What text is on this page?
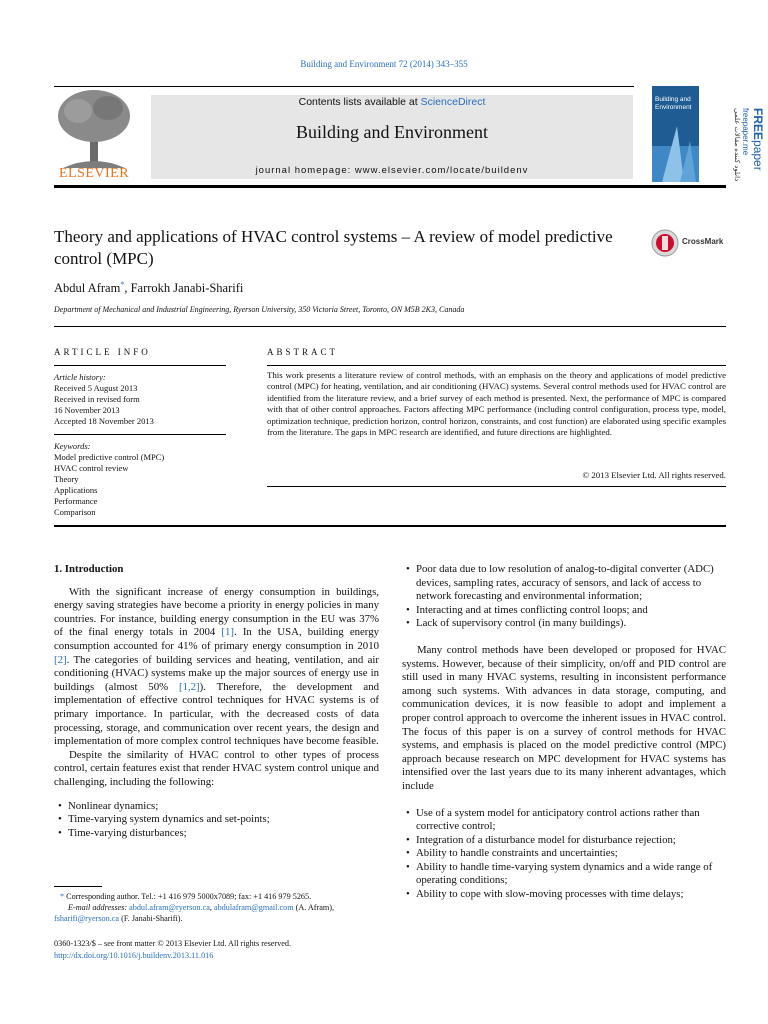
Building and Environment 72 (2014) 343–355
ELSEVIER
Contents lists available at ScienceDirect
Building and Environment
journal homepage: www.elsevier.com/locate/buildenv
Building and
Environment
FREEpaper
freepaper.me
دانلود کننده مقالات علمی
Theory and applications of HVAC control systems – A review of model predictive control (MPC)
CrossMark
Abdul Afram*, Farrokh Janabi-Sharifi
Department of Mechanical and Industrial Engineering, Ryerson University, 350 Victoria Street, Toronto, ON M5B 2K3, Canada
ARTICLE INFO	ABSTRACT
Article history:
Received 5 August 2013
Received in revised form
16 November 2013
Accepted 18 November 2013
Keywords:
Model predictive control (MPC)
HVAC control review
Theory
Applications
Performance
Comparison
This work presents a literature review of control methods, with an emphasis on the theory and applications of model predictive control (MPC) for heating, ventilation, and air conditioning (HVAC) systems. Several control methods used for HVAC control are identified from the literature review, and a brief survey of each method is presented. Next, the performance of MPC is compared with that of other control approaches. Factors affecting MPC performance (including control configuration, process type, model, optimization technique, prediction horizon, control horizon, constraints, and cost function) are elaborated using specific examples from the literature. The gaps in MPC research are identified, and future directions are highlighted.
© 2013 Elsevier Ltd. All rights reserved.

1. Introduction

With the significant increase of energy consumption in buildings, energy saving strategies have become a priority in energy policies in many countries. For instance, building energy consumption in the EU was 37% of the final energy totals in 2004 [1]. In the USA, building energy consumption accounted for 41% of primary energy consumption in 2010 [2]. The categories of building services and heating, ventilation, and air conditioning (HVAC) systems make up the major sources of energy use in buildings (almost 50% [1,2]). Therefore, the development and implementation of effective control techniques for HVAC systems is of primary importance. In particular, with the decreased costs of data processing, storage, and communication over recent years, the design and implementation of more complex control techniques have become feasible.

Despite the similarity of HVAC control to other types of process control, certain features exist that render HVAC system control unique and challenging, including the following:

• Nonlinear dynamics;
• Time-varying system dynamics and set-points;
• Time-varying disturbances;
* Corresponding author. Tel.: +1 416 979 5000x7089; fax: +1 416 979 5265.
E-mail addresses: abdul.afram@ryerson.ca, abdulafram@gmail.com (A. Afram),
fsharifi@ryerson.ca (F. Janabi-Sharifi).
0360-1323/$ – see front matter © 2013 Elsevier Ltd. All rights reserved.
http://dx.doi.org/10.1016/j.buildenv.2013.11.016
• Poor data due to low resolution of analog-to-digital converter (ADC) devices, sampling rates, accuracy of sensors, and lack of access to network forecasting and environmental information;
• Interacting and at times conflicting control loops; and
• Lack of supervisory control (in many buildings).

Many control methods have been developed or proposed for HVAC systems. However, because of their simplicity, on/off and PID control are still used in many HVAC systems, resulting in inconsistent performance among such systems. With advances in data storage, computing, and communication devices, it is now feasible to adopt and implement a proper control approach to overcome the inherent issues in HVAC control. The focus of this paper is on a survey of control methods for HVAC systems, and emphasis is placed on the model predictive control (MPC) approach because research on MPC development for HVAC systems has intensified over the last years due to its many inherent advantages, which include

• Use of a system model for anticipatory control actions rather than corrective control;
• Integration of a disturbance model for disturbance rejection;
• Ability to handle constraints and uncertainties;
• Ability to handle time-varying system dynamics and a wide range of operating conditions;
• Ability to cope with slow-moving processes with time delays;
